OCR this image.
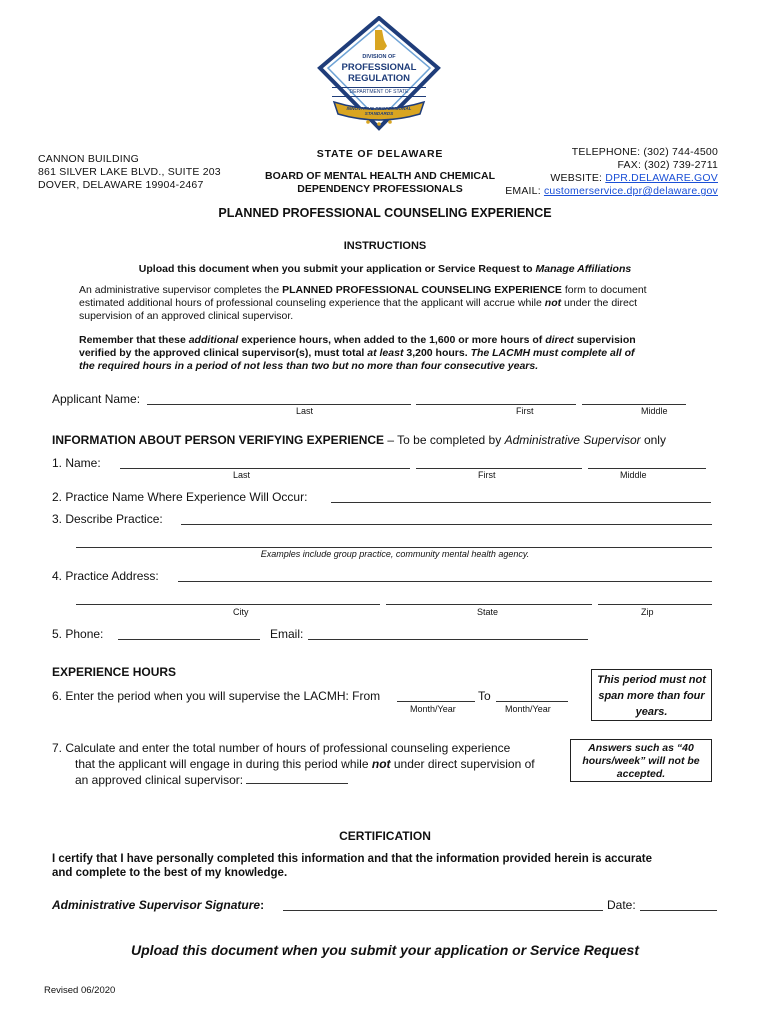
DIVISION OF
PROFESSIONAL
REGULATION
DEPARTMENT OF STATE
INNOVATIVE PROFESSIONAL STANDARDS
CANNON BUILDING
861 SILVER LAKE BLVD., SUITE 203
DOVER, DELAWARE 19904-2467
STATE OF DELAWARE
BOARD OF MENTAL HEALTH AND CHEMICAL
DEPENDENCY PROFESSIONALS
TELEPHONE: (302) 744-4500
FAX: (302) 739-2711
WEBSITE: DPR.DELAWARE.GOV
EMAIL: customerservice.dpr@delaware.gov
PLANNED PROFESSIONAL COUNSELING EXPERIENCE
INSTRUCTIONS
Upload this document when you submit your application or Service Request to Manage Affiliations
An administrative supervisor completes the PLANNED PROFESSIONAL COUNSELING EXPERIENCE form to document
estimated additional hours of professional counseling experience that the applicant will accrue while not under the direct
supervision of an approved clinical supervisor.
Remember that these additional experience hours, when added to the 1,600 or more hours of direct supervision
verified by the approved clinical supervisor(s), must total at least 3,200 hours. The LACMH must complete all of
the required hours in a period of not less than two but no more than four consecutive years.
Applicant Name:
Last	First	Middle
INFORMATION ABOUT PERSON VERIFYING EXPERIENCE – To be completed by Administrative Supervisor only
1. Name:
Last	First	Middle
2. Practice Name Where Experience Will Occur:
3. Describe Practice:
Examples include group practice, community mental health agency.
4. Practice Address:
City	State	Zip
5. Phone:	Email:
EXPERIENCE HOURS
6. Enter the period when you will supervise the LACMH: From	To
Month/Year	Month/Year
This period must not span more than four years.
7. Calculate and enter the total number of hours of professional counseling experience
that the applicant will engage in during this period while not under direct supervision of
an approved clinical supervisor:
Answers such as “40 hours/week” will not be accepted.
CERTIFICATION
I certify that I have personally completed this information and that the information provided herein is accurate
and complete to the best of my knowledge.
Administrative Supervisor Signature:	Date:
Upload this document when you submit your application or Service Request
Revised 06/2020
